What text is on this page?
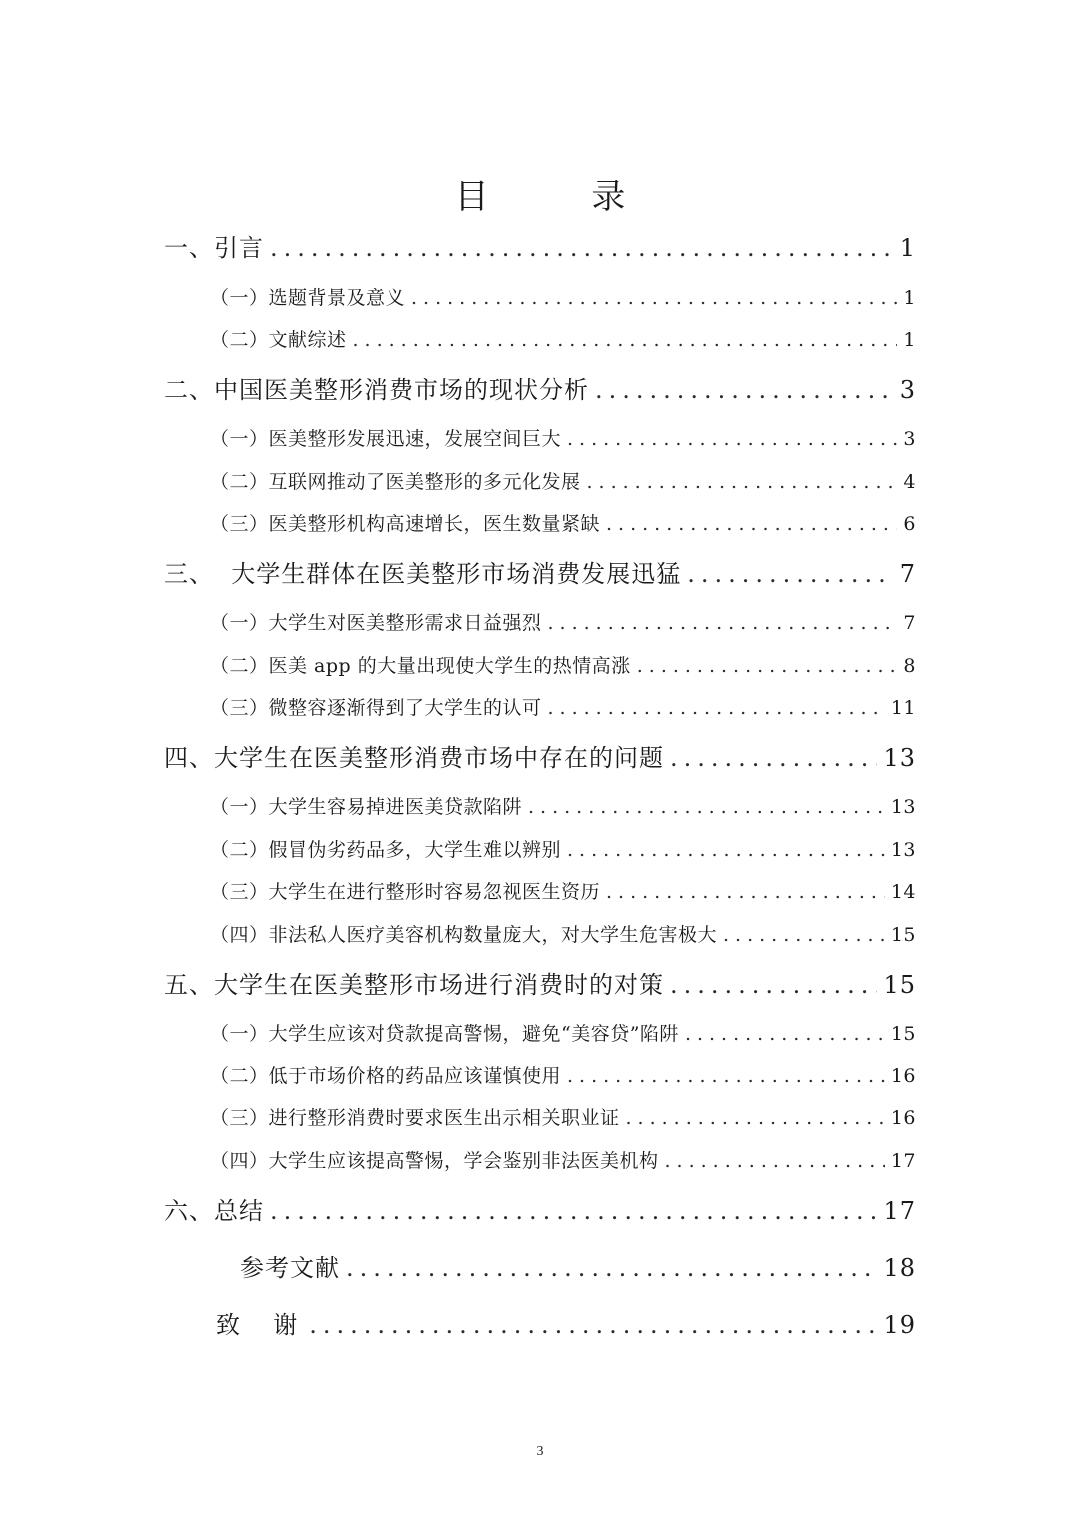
目 录
一、引言 .....	1
（一）选题背景及意义 .....	1
（二）文献综述 .....	1
二、中国医美整形消费市场的现状分析 .....	3
（一）医美整形发展迅速，发展空间巨大 .....	3
（二）互联网推动了医美整形的多元化发展 .....	4
（三）医美整形机构高速增长，医生数量紧缺 .....	6
三、  大学生群体在医美整形市场消费发展迅猛 .....	7
（一）大学生对医美整形需求日益强烈 .....	7
（二）医美 app 的大量出现使大学生的热情高涨 .....	8
（三）微整容逐渐得到了大学生的认可 .....	11
四、大学生在医美整形消费市场中存在的问题 .....	13
（一）大学生容易掉进医美贷款陷阱 .....	13
（二）假冒伪劣药品多，大学生难以辨别 .....	13
（三）大学生在进行整形时容易忽视医生资历 .....	14
（四）非法私人医疗美容机构数量庞大，对大学生危害极大 .....	15
五、大学生在医美整形市场进行消费时的对策 .....	15
（一）大学生应该对贷款提高警惕，避免“美容贷”陷阱 .....	15
（二）低于市场价格的药品应该谨慎使用 .....	16
（三）进行整形消费时要求医生出示相关职业证 .....	16
（四）大学生应该提高警惕，学会鉴别非法医美机构 .....	17
六、总结 .....	17
参考文献 .....	18
致  谢 .....	19
3
